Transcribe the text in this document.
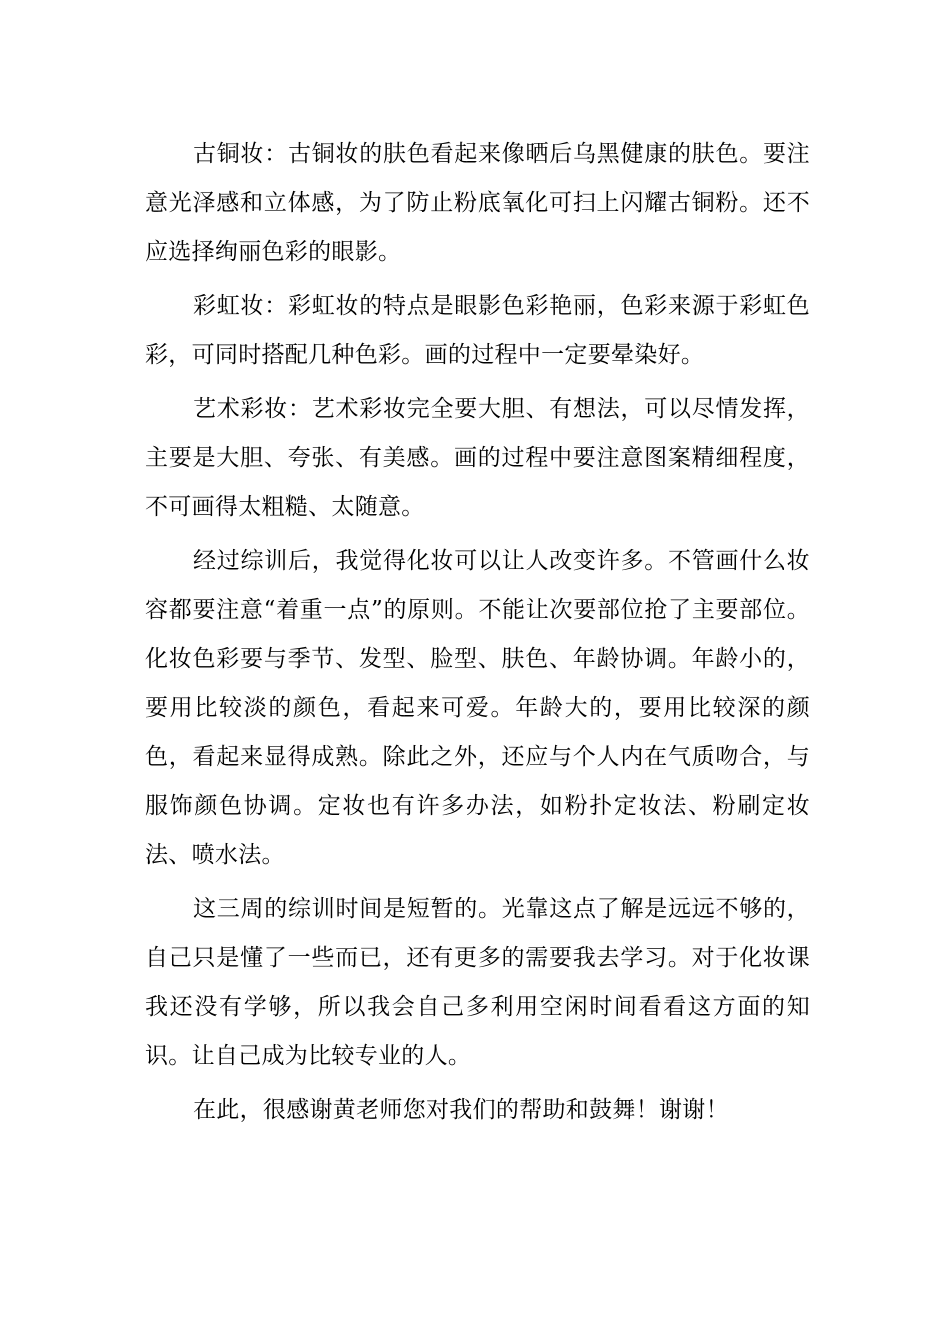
古铜妆：古铜妆的肤色看起来像晒后乌黑健康的肤色。要注意光泽感和立体感，为了防止粉底氧化可扫上闪耀古铜粉。还不应选择绚丽色彩的眼影。

彩虹妆：彩虹妆的特点是眼影色彩艳丽，色彩来源于彩虹色彩，可同时搭配几种色彩。画的过程中一定要晕染好。

艺术彩妆：艺术彩妆完全要大胆、有想法，可以尽情发挥，主要是大胆、夸张、有美感。画的过程中要注意图案精细程度，不可画得太粗糙、太随意。

经过综训后，我觉得化妆可以让人改变许多。不管画什么妆容都要注意“着重一点”的原则。不能让次要部位抢了主要部位。化妆色彩要与季节、发型、脸型、肤色、年龄协调。年龄小的，要用比较淡的颜色，看起来可爱。年龄大的，要用比较深的颜色，看起来显得成熟。除此之外，还应与个人内在气质吻合，与服饰颜色协调。定妆也有许多办法，如粉扑定妆法、粉刷定妆法、喷水法。

这三周的综训时间是短暂的。光靠这点了解是远远不够的，自己只是懂了一些而已，还有更多的需要我去学习。对于化妆课我还没有学够，所以我会自己多利用空闲时间看看这方面的知识。让自己成为比较专业的人。

在此，很感谢黄老师您对我们的帮助和鼓舞！谢谢！
